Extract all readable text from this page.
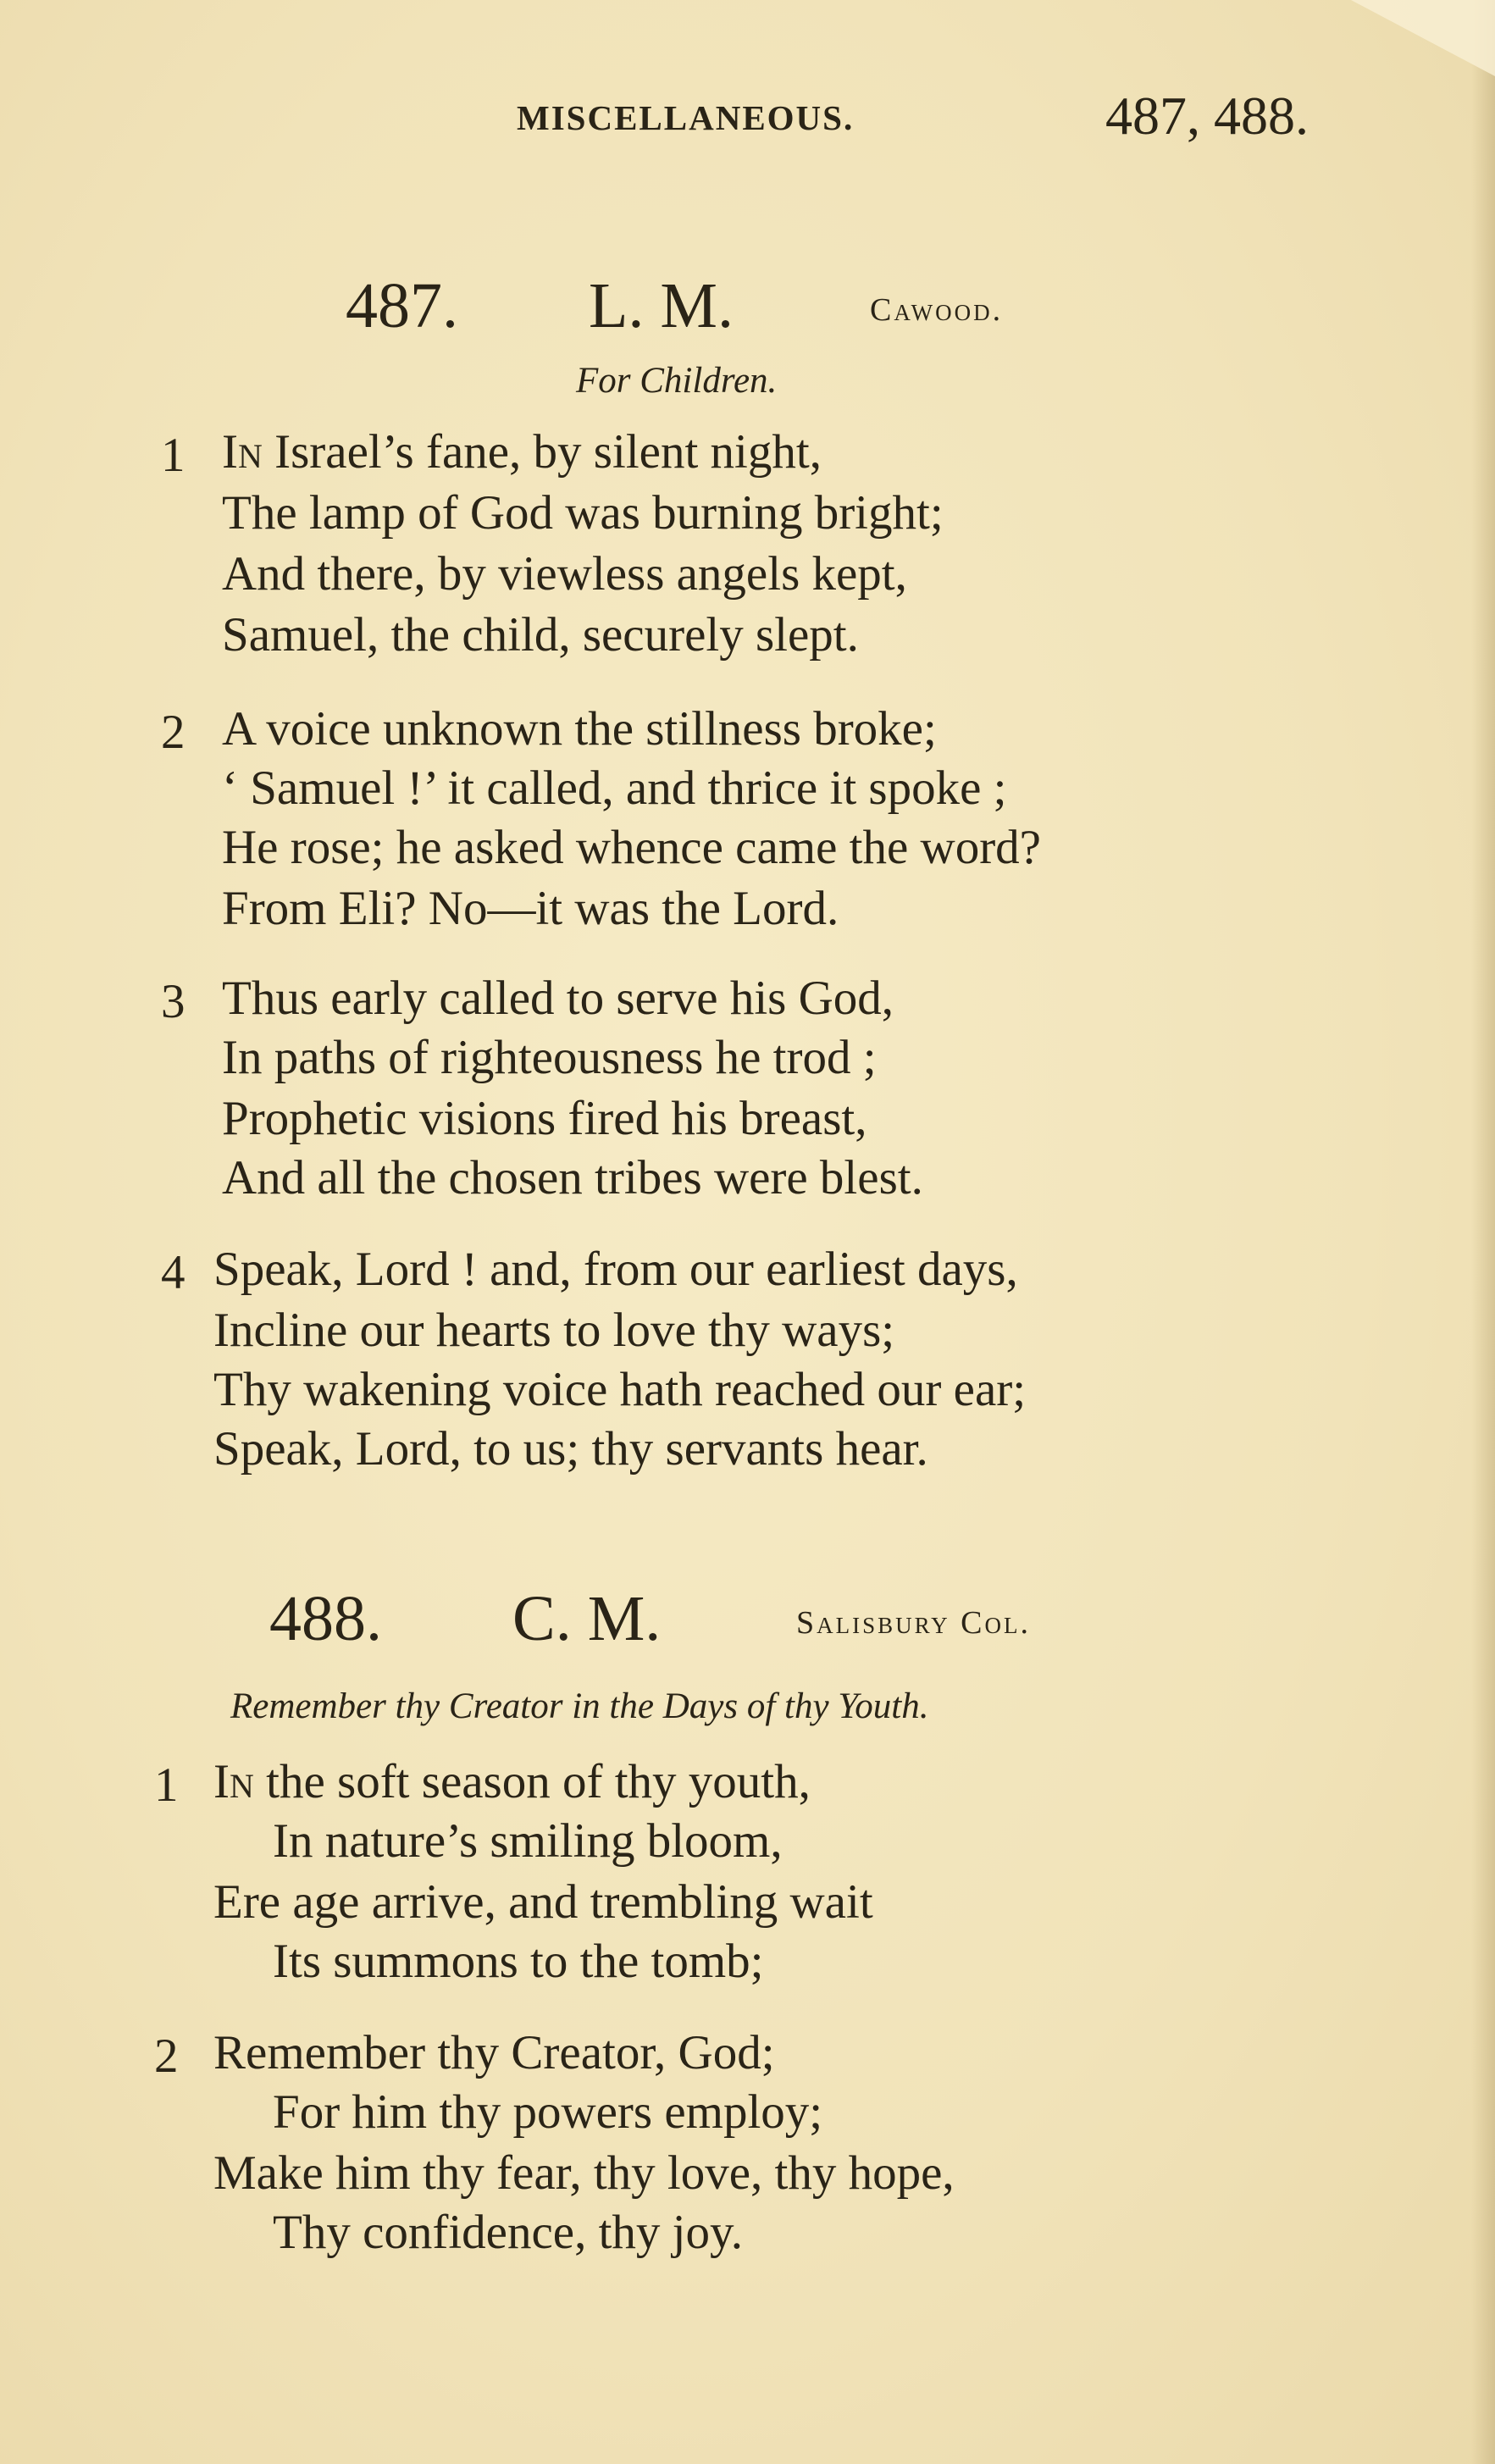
MISCELLANEOUS.	487, 488.
487. L. M.	Cawood.
For Children.
1 In Israel’s fane, by silent night,
The lamp of God was burning bright;
And there, by viewless angels kept,
Samuel, the child, securely slept.
2 A voice unknown the stillness broke;
‘ Samuel !’ it called, and thrice it spoke ;
He rose; he asked whence came the word?
From Eli? No—it was the Lord.
3 Thus early called to serve his God,
In paths of righteousness he trod ;
Prophetic visions fired his breast,
And all the chosen tribes were blest.
4 Speak, Lord ! and, from our earliest days,
Incline our hearts to love thy ways;
Thy wakening voice hath reached our ear;
Speak, Lord, to us; thy servants hear.
488. C. M.	Salisbury Col.
Remember thy Creator in the Days of thy Youth.
1 In the soft season of thy youth,
In nature’s smiling bloom,
Ere age arrive, and trembling wait
Its summons to the tomb;
2 Remember thy Creator, God;
For him thy powers employ;
Make him thy fear, thy love, thy hope,
Thy confidence, thy joy.
